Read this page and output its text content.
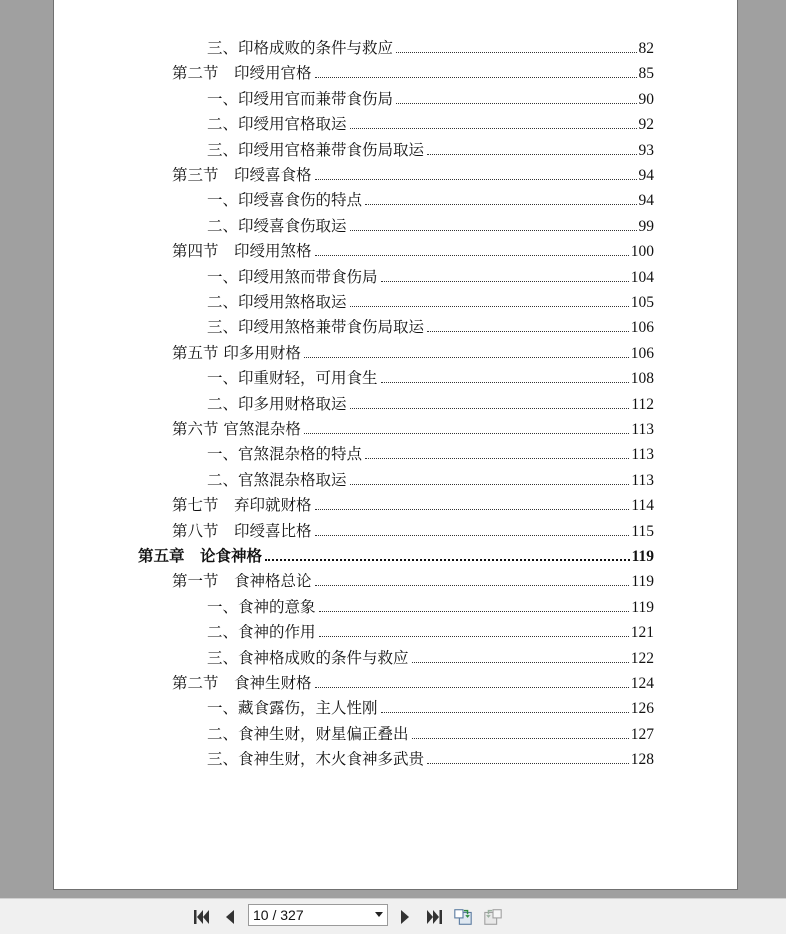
三、印格成败的条件与救应	82
第二节　印绶用官格	85
一、印绶用官而兼带食伤局	90
二、印绶用官格取运	92
三、印绶用官格兼带食伤局取运	93
第三节　印绶喜食格	94
一、印绶喜食伤的特点	94
二、印绶喜食伤取运	99
第四节　印绶用煞格	100
一、印绶用煞而带食伤局	104
二、印绶用煞格取运	105
三、印绶用煞格兼带食伤局取运	106
第五节 印多用财格	106
一、印重财轻，可用食生	108
二、印多用财格取运	112
第六节 官煞混杂格	113
一、官煞混杂格的特点	113
二、官煞混杂格取运	113
第七节　弃印就财格	114
第八节　印绶喜比格	115
第五章　论食神格	119
第一节　食神格总论	119
一、食神的意象	119
二、食神的作用	121
三、食神格成败的条件与救应	122
第二节　食神生财格	124
一、藏食露伤，主人性刚	126
二、食神生财，财星偏正叠出	127
三、食神生财，木火食神多武贵	128
10 / 327
